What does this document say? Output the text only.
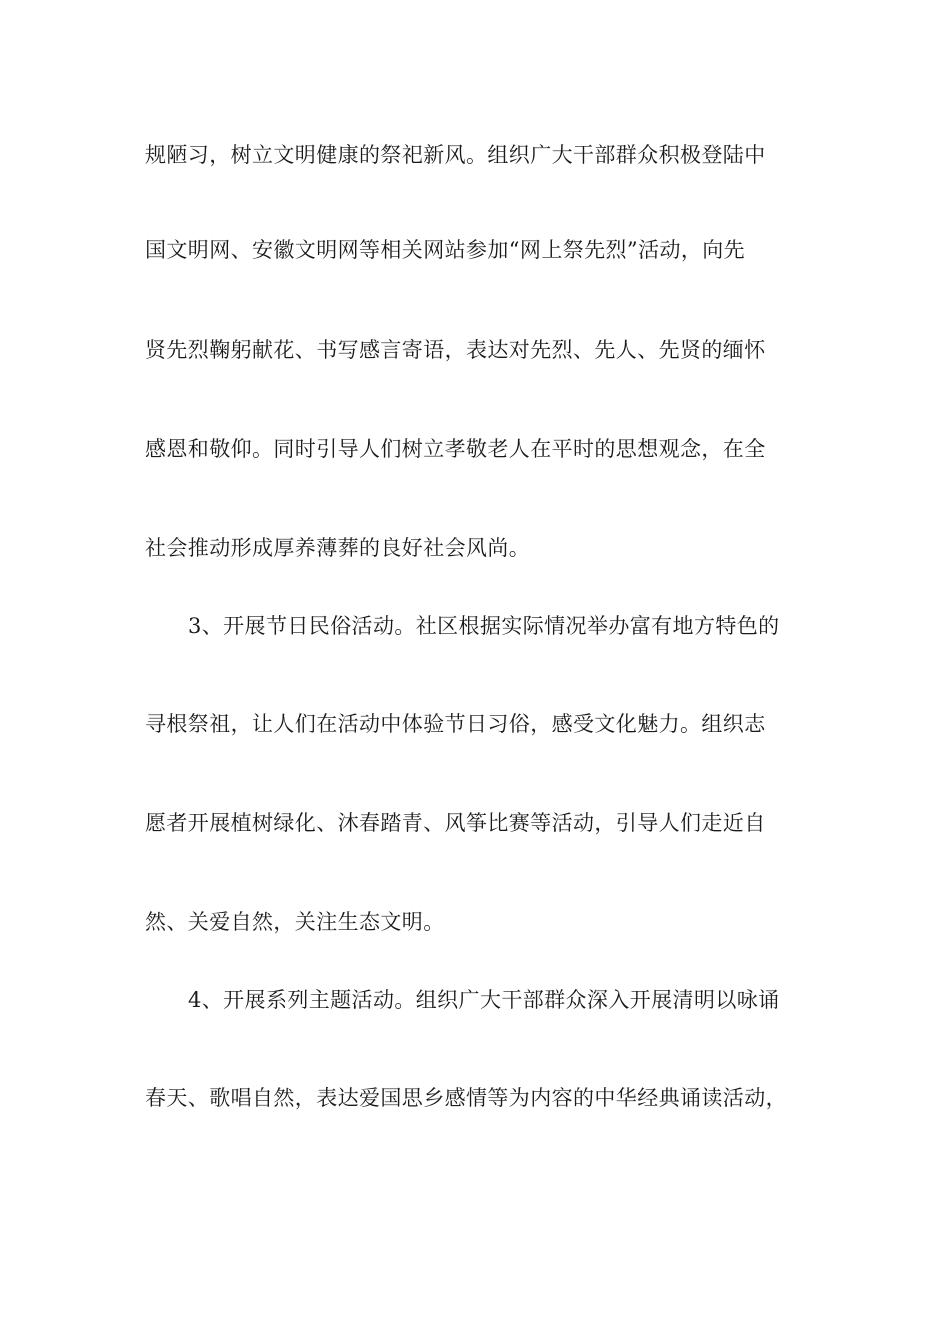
规陋习，树立文明健康的祭祀新风。组织广大干部群众积极登陆中
国文明网、安徽文明网等相关网站参加“网上祭先烈”活动，向先
贤先烈鞠躬献花、书写感言寄语，表达对先烈、先人、先贤的缅怀
感恩和敬仰。同时引导人们树立孝敬老人在平时的思想观念，在全
社会推动形成厚养薄葬的良好社会风尚。
3、开展节日民俗活动。社区根据实际情况举办富有地方特色的
寻根祭祖，让人们在活动中体验节日习俗，感受文化魅力。组织志
愿者开展植树绿化、沐春踏青、风筝比赛等活动，引导人们走近自
然、关爱自然，关注生态文明。
4、开展系列主题活动。组织广大干部群众深入开展清明以咏诵
春天、歌唱自然，表达爱国思乡感情等为内容的中华经典诵读活动，
